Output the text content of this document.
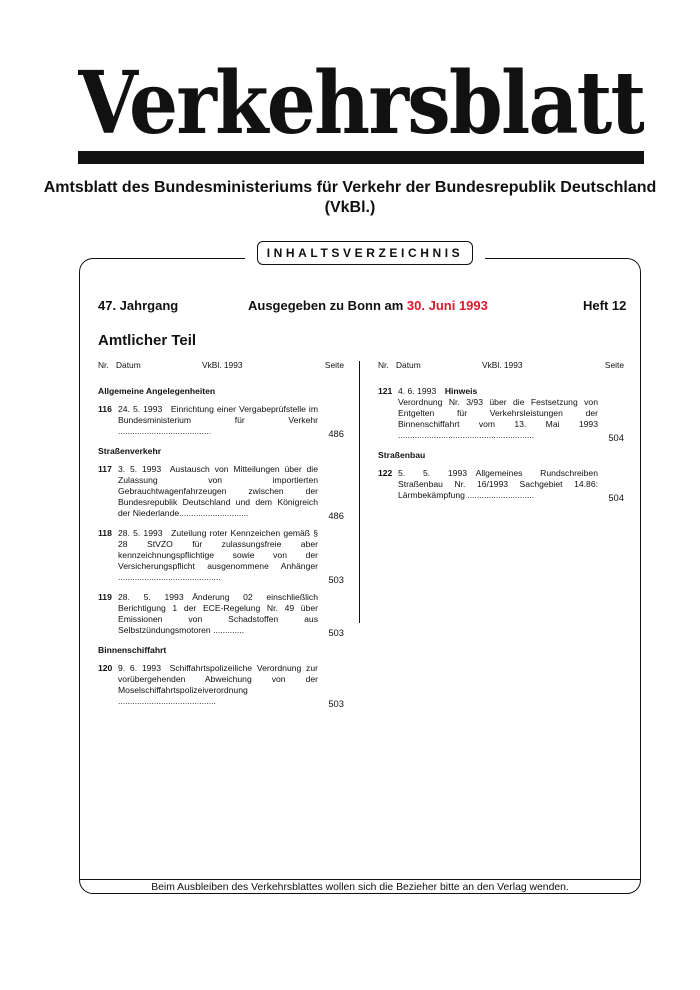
Verkehrsblatt
Amtsblatt des Bundesministeriums für Verkehr der Bundesrepublik Deutschland
(VkBl.)
INHALTSVERZEICHNIS
47. Jahrgang	Ausgegeben zu Bonn am 30. Juni 1993	Heft 12
Amtlicher Teil
Nr. Datum	VkBl. 1993	Seite
Allgemeine Angelegenheiten
116 24. 5. 1993  Einrichtung einer Vergabeprüfstelle im Bundesministerium für Verkehr .......................................	486
Straßenverkehr
117 3. 5. 1993  Austausch von Mitteilungen über die Zulassung von importierten Gebrauchtwagenfahrzeugen zwischen der Bundesrepublik Deutschland und dem Königreich der Niederlande.............................	486
118 28. 5. 1993  Zuteilung roter Kennzeichen gemäß § 28 StVZO für zulassungsfreie aber kennzeichnungspflichtige sowie von der Versicherungspflicht ausgenommene Anhänger ...........................................	503
119 28. 5. 1993  Änderung 02 einschließlich Berichtigung 1 der ECE-Regelung Nr. 49 über Emissionen von Schadstoffen aus Selbstzündungsmotoren .............	503
Binnenschiffahrt
120 9. 6. 1993  Schiffahrtspolizeiliche Verordnung zur vorübergehenden Abweichung von der Moselschiffahrtspolizeiverordnung .........................................	503
Nr. Datum	VkBl. 1993	Seite
121 4. 6. 1993  Hinweis
Verordnung Nr. 3/93 über die Festsetzung von Entgelten für Verkehrsleistungen der Binnenschiffahrt vom 13. Mai 1993 .........................................................	504
Straßenbau
122 5. 5. 1993  Allgemeines Rundschreiben Straßenbau Nr. 16/1993 Sachgebiet 14.86: Lärmbekämpfung ............................	504
Beim Ausbleiben des Verkehrsblattes wollen sich die Bezieher bitte an den Verlag wenden.
